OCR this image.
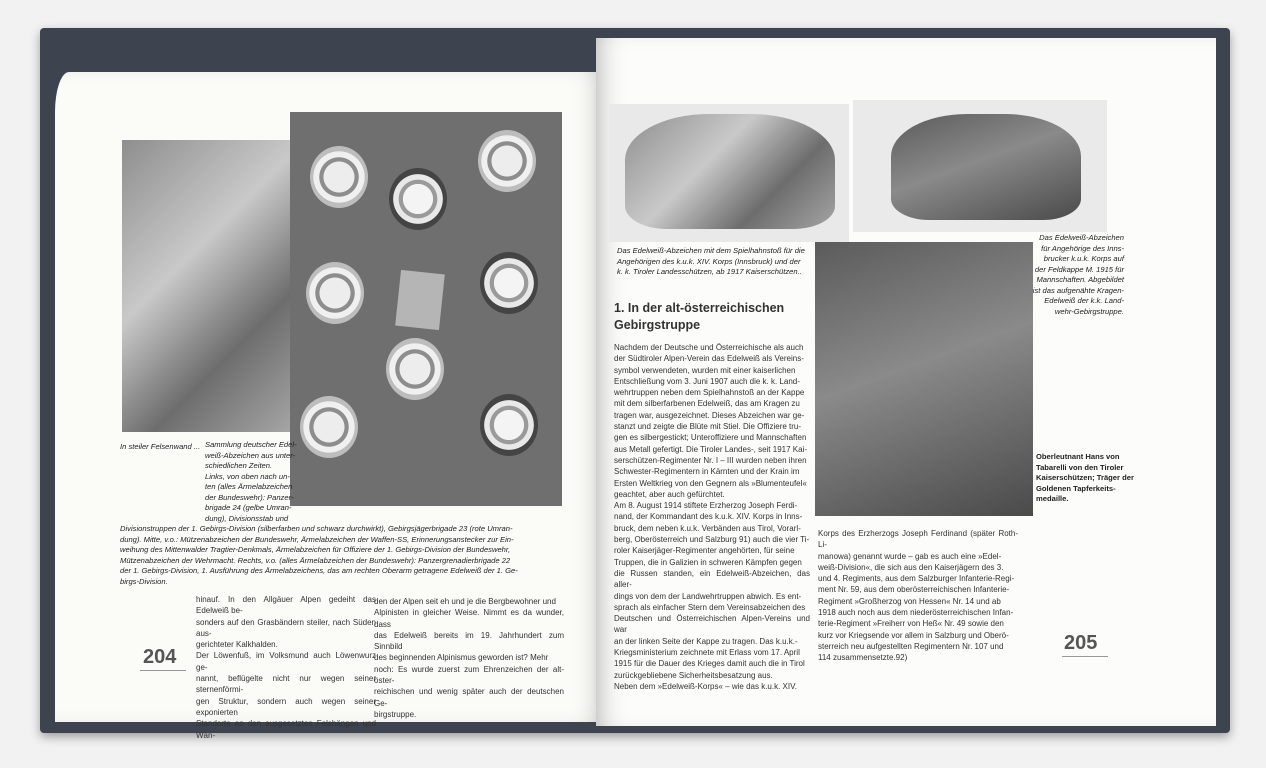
In steiler Felsenwand ... Sammlung deutscher Edel-
weiß-Abzeichen aus unter-
schiedlichen Zeiten.
Links, von oben nach un-
ten (alles Ärmelabzeichen
der Bundeswehr): Panzer-
brigade 24 (gelbe Umran-
dung), Divisionsstab und
Divisionstruppen der 1. Gebirgs-Division (silberfarben und schwarz durchwirkt), Gebirgsjägerbrigade 23 (rote Umran-
dung). Mitte, v.o.: Mützenabzeichen der Bundeswehr, Ärmelabzeichen der Waffen-SS, Erinnerungsanstecker zur Ein-
weihung des Mittenwalder Tragtier-Denkmals, Ärmelabzeichen für Offiziere der 1. Gebirgs-Division der Bundeswehr,
Mützenabzeichen der Wehrmacht. Rechts, v.o. (alles Ärmelabzeichen der Bundeswehr): Panzergrenadierbrigade 22
der 1. Gebirgs-Division, 1. Ausführung des Ärmelabzeichens, das am rechten Oberarm getragene Edelweiß der 1. Ge-
birgs-Division.
204
hinauf. In den Allgäuer Alpen gedeiht das Edelweiß be-
sonders auf den Grasbändern steiler, nach Süden aus-
gerichteter Kalkhalden.
Der Löwenfuß, im Volksmund auch Löwenwurz ge-
nannt, beflügelte nicht nur wegen seiner sternenförmi-
gen Struktur, sondern auch wegen seiner exponierten
Standorte an den ausgesetzten Felshängen und Wän-
den der Alpen seit eh und je die Bergbewohner und
Alpinisten in gleicher Weise. Nimmt es da wunder, dass
das Edelweiß bereits im 19. Jahrhundert zum Sinnbild
des beginnenden Alpinismus geworden ist? Mehr
noch: Es wurde zuerst zum Ehrenzeichen der alt-öster-
reichischen und wenig später auch der deutschen Ge-
birgstruppe.
Das Edelweiß-Abzeichen mit dem Spielhahnstoß für die
Angehörigen des k.u.k. XIV. Korps (Innsbruck) und der
k. k. Tiroler Landesschützen, ab 1917 Kaiserschützen..
Das Edelweiß-Abzeichen
für Angehörige des Inns-
brucker k.u.k. Korps auf
der Feldkappe M. 1915 für
Mannschaften. Abgebildet
ist das aufgenähte Kragen-
Edelweiß der k.k. Land-
wehr-Gebirgstruppe.
Oberleutnant Hans von
Tabarelli von den Tiroler
Kaiserschützen; Träger der
Goldenen Tapferkeits-
medaille.
1. In der alt-österreichischen
Gebirgstruppe
Nachdem der Deutsche und Österreichische als auch
der Südtiroler Alpen-Verein das Edelweiß als Vereins-
symbol verwendeten, wurden mit einer kaiserlichen
Entschließung vom 3. Juni 1907 auch die k. k. Land-
wehrtruppen neben dem Spielhahnstoß an der Kappe
mit dem silberfarbenen Edelweiß, das am Kragen zu
tragen war, ausgezeichnet. Dieses Abzeichen war ge-
stanzt und zeigte die Blüte mit Stiel. Die Offiziere tru-
gen es silbergestickt; Unteroffiziere und Mannschaften
aus Metall gefertigt. Die Tiroler Landes-, seit 1917 Kai-
serschützen-Regimenter Nr. I – III wurden neben ihren
Schwester-Regimentern in Kärnten und der Krain im
Ersten Weltkrieg von den Gegnern als »Blumenteufel«
geachtet, aber auch gefürchtet.
Am 8. August 1914 stiftete Erzherzog Joseph Ferdi-
nand, der Kommandant des k.u.k. XIV. Korps in Inns-
bruck, dem neben k.u.k. Verbänden aus Tirol, Vorarl-
berg, Oberösterreich und Salzburg 91) auch die vier Ti-
roler Kaiserjäger-Regimenter angehörten, für seine
Truppen, die in Galizien in schweren Kämpfen gegen
die Russen standen, ein Edelweiß-Abzeichen, das aller-
dings von dem der Landwehrtruppen abwich. Es ent-
sprach als einfacher Stern dem Vereinsabzeichen des
Deutschen und Österreichischen Alpen-Vereins und war
an der linken Seite der Kappe zu tragen. Das k.u.k.-
Kriegsministerium zeichnete mit Erlass vom 17. April
1915 für die Dauer des Krieges damit auch die in Tirol
zurückgebliebene Sicherheitsbesatzung aus.
Neben dem »Edelweiß-Korps« – wie das k.u.k. XIV.
Korps des Erzherzogs Joseph Ferdinand (später Roth-Li-
manowa) genannt wurde – gab es auch eine »Edel-
weiß-Division«, die sich aus den Kaiserjägern des 3.
und 4. Regiments, aus dem Salzburger Infanterie-Regi-
ment Nr. 59, aus dem oberösterreichischen Infanterie-
Regiment »Großherzog von Hessen« Nr. 14 und ab
1918 auch noch aus dem niederösterreichischen Infan-
terie-Regiment »Freiherr von Heß« Nr. 49 sowie den
kurz vor Kriegsende vor allem in Salzburg und Oberö-
sterreich neu aufgestellten Regimentern Nr. 107 und
114 zusammensetzte.92)
205
